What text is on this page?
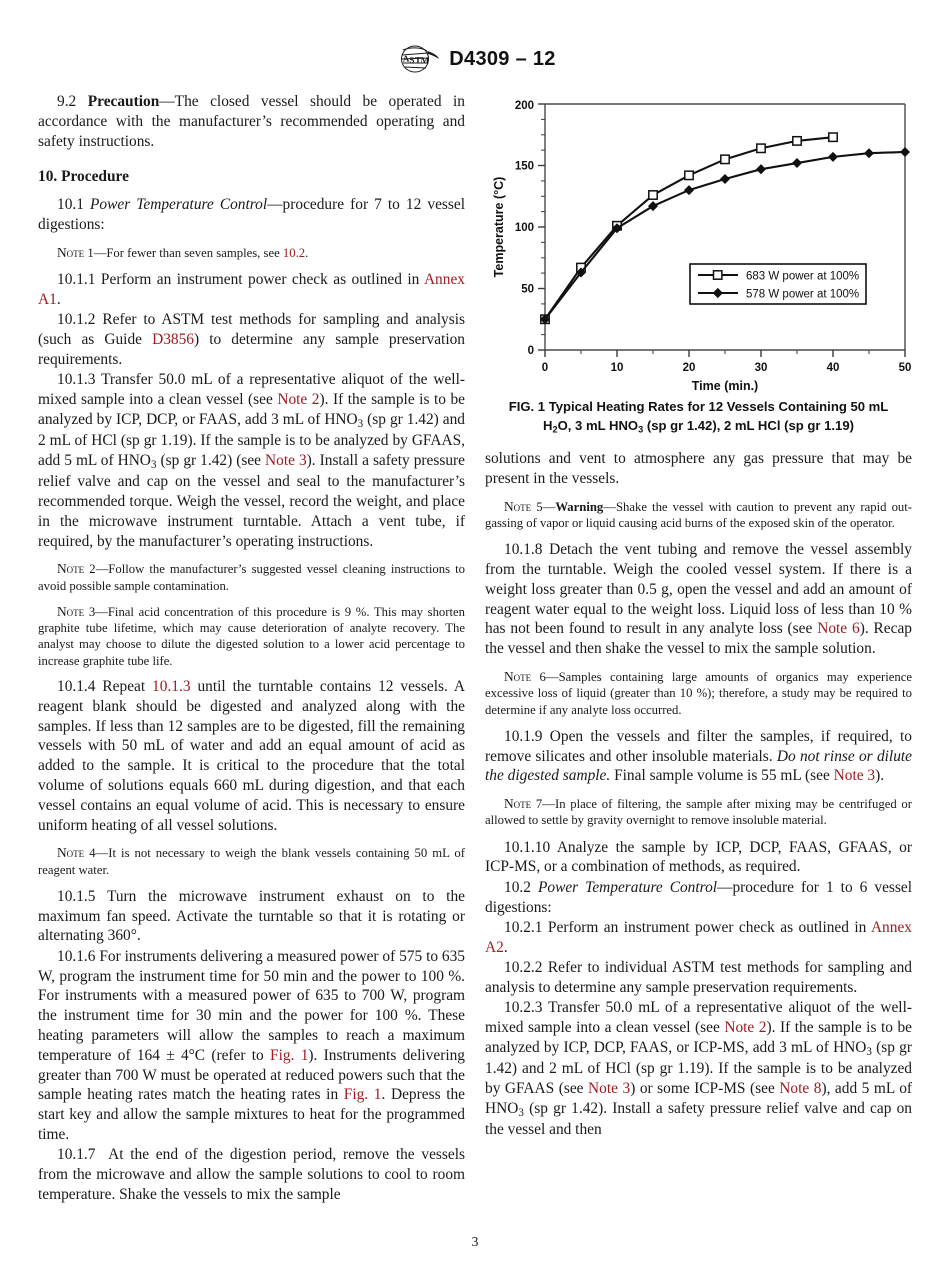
A S T M D4309 – 12

9.2 Precaution—The closed vessel should be operated in accordance with the manufacturer’s recommended operating and safety instructions.

10. Procedure

10.1 Power Temperature Control—procedure for 7 to 12 vessel digestions:

Note 1—For fewer than seven samples, see 10.2.

10.1.1 Perform an instrument power check as outlined in Annex A1.

10.1.2 Refer to ASTM test methods for sampling and analysis (such as Guide D3856) to determine any sample preservation requirements.

10.1.3 Transfer 50.0 mL of a representative aliquot of the well-mixed sample into a clean vessel (see Note 2). If the sample is to be analyzed by ICP, DCP, or FAAS, add 3 mL of $HNO_3$ (sp gr 1.42) and 2 mL of HCl (sp gr 1.19). If the sample is to be analyzed by GFAAS, add 5 mL of $HNO_3$ (sp gr 1.42) (see Note 3). Install a safety pressure relief valve and cap on the vessel and seal to the manufacturer’s recommended torque. Weigh the vessel, record the weight, and place in the microwave instrument turntable. Attach a vent tube, if required, by the manufacturer’s operating instructions.

Note 2—Follow the manufacturer’s suggested vessel cleaning instructions to avoid possible sample contamination.

Note 3—Final acid concentration of this procedure is 9 %. This may shorten graphite tube lifetime, which may cause deterioration of analyte recovery. The analyst may choose to dilute the digested solution to a lower acid percentage to increase graphite tube life.

10.1.4 Repeat 10.1.3 until the turntable contains 12 vessels. A reagent blank should be digested and analyzed along with the samples. If less than 12 samples are to be digested, fill the remaining vessels with 50 mL of water and add an equal amount of acid as added to the sample. It is critical to the procedure that the total volume of solutions equals 660 mL during digestion, and that each vessel contains an equal volume of acid. This is necessary to ensure uniform heating of all vessel solutions.

Note 4—It is not necessary to weigh the blank vessels containing 50 mL of reagent water.

10.1.5 Turn the microwave instrument exhaust on to the maximum fan speed. Activate the turntable so that it is rotating or alternating 360°.

10.1.6 For instruments delivering a measured power of 575 to 635 W, program the instrument time for 50 min and the power to 100 %. For instruments with a measured power of 635 to 700 W, program the instrument time for 30 min and the power for 100 %. These heating parameters will allow the samples to reach a maximum temperature of 164 ± 4°C (refer to Fig. 1). Instruments delivering greater than 700 W must be operated at reduced powers such that the sample heating rates match the heating rates in Fig. 1. Depress the start key and allow the sample mixtures to heat for the programmed time.

10.1.7 At the end of the digestion period, remove the vessels from the microwave and allow the sample solutions to cool to room temperature. Shake the vessels to mix the sample

0
50
100
150
200
Temperature (°C)
0	10	20	30	40	50
683 W power at 100%
578 W power at 100%
Time (min.)
FIG. 1 Typical Heating Rates for 12 Vessels Containing 50 mL
$H_2O$, 3 mL $HNO_3$ (sp gr 1.42), 2 mL HCl (sp gr 1.19)

solutions and vent to atmosphere any gas pressure that may be present in the vessels.

Note 5—Warning—Shake the vessel with caution to prevent any rapid out-gassing of vapor or liquid causing acid burns of the exposed skin of the operator.

10.1.8 Detach the vent tubing and remove the vessel assembly from the turntable. Weigh the cooled vessel system. If there is a weight loss greater than 0.5 g, open the vessel and add an amount of reagent water equal to the weight loss. Liquid loss of less than 10 % has not been found to result in any analyte loss (see Note 6). Recap the vessel and then shake the vessel to mix the sample solution.

Note 6—Samples containing large amounts of organics may experience excessive loss of liquid (greater than 10 %); therefore, a study may be required to determine if any analyte loss occurred.

10.1.9 Open the vessels and filter the samples, if required, to remove silicates and other insoluble materials. Do not rinse or dilute the digested sample. Final sample volume is 55 mL (see Note 3).

Note 7—In place of filtering, the sample after mixing may be centrifuged or allowed to settle by gravity overnight to remove insoluble material.

10.1.10 Analyze the sample by ICP, DCP, FAAS, GFAAS, or ICP-MS, or a combination of methods, as required.

10.2 Power Temperature Control—procedure for 1 to 6 vessel digestions:

10.2.1 Perform an instrument power check as outlined in Annex A2.

10.2.2 Refer to individual ASTM test methods for sampling and analysis to determine any sample preservation requirements.

10.2.3 Transfer 50.0 mL of a representative aliquot of the well-mixed sample into a clean vessel (see Note 2). If the sample is to be analyzed by ICP, DCP, FAAS, or ICP-MS, add 3 mL of $HNO_3$ (sp gr 1.42) and 2 mL of HCl (sp gr 1.19). If the sample is to be analyzed by GFAAS (see Note 3) or some ICP-MS (see Note 8), add 5 mL of $HNO_3$ (sp gr 1.42). Install a safety pressure relief valve and cap on the vessel and then

3
